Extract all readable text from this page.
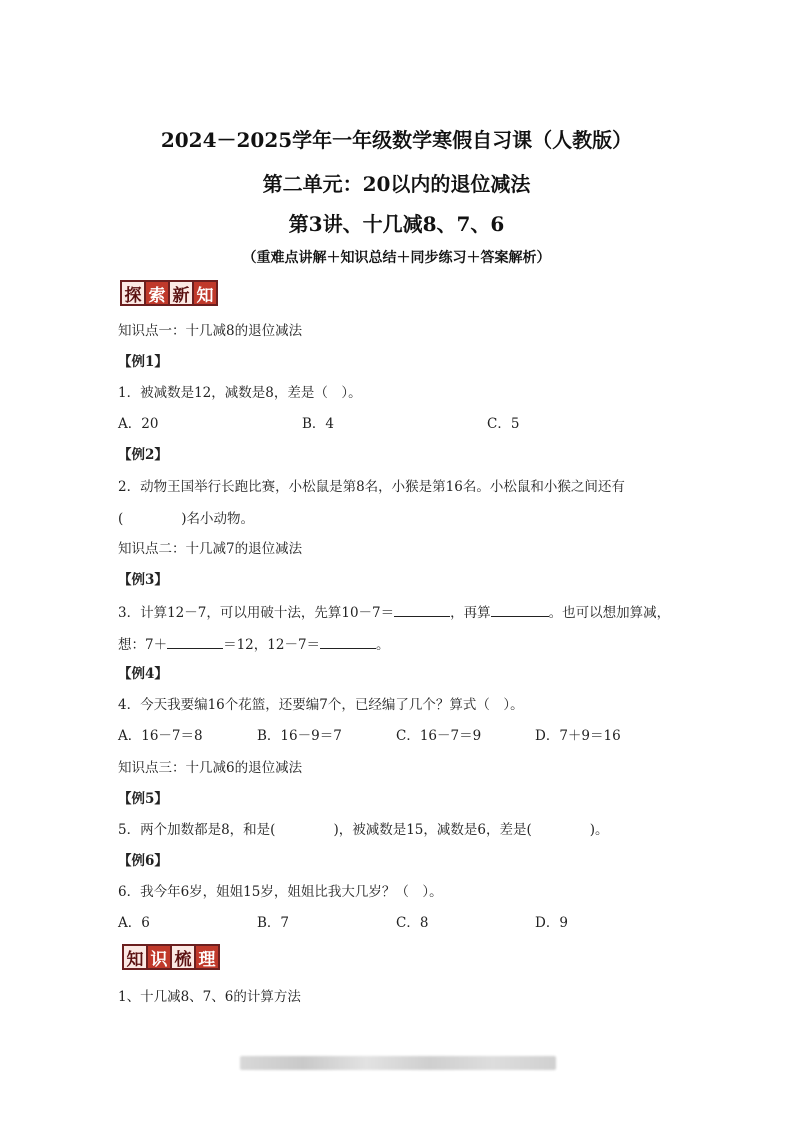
2024－2025学年一年级数学寒假自习课（人教版）
第二单元：20以内的退位减法
第3讲、十几减8、7、6
（重难点讲解＋知识总结＋同步练习＋答案解析）
探 索 新 知
知识点一：十几减8的退位减法
【例1】
1．被减数是12，减数是8，差是（　）。
A．20	B．4	C．5
【例2】
2．动物王国举行长跑比赛，小松鼠是第8名，小猴是第16名。小松鼠和小猴之间还有
(	)名小动物。
知识点二：十几减7的退位减法
【例3】
3．计算12－7，可以用破十法，先算10－7＝	，再算	。也可以想加算减，
想：7＋	＝12，12－7＝	。
【例4】
4．今天我要编16个花篮，还要编7个，已经编了几个？算式（　）。
A．16－7＝8	B．16－9＝7	C．16－7＝9	D．7＋9＝16
知识点三：十几减6的退位减法
【例5】
5．两个加数都是8，和是(	)，被减数是15，减数是6，差是(	)。
【例6】
6．我今年6岁，姐姐15岁，姐姐比我大几岁？（　）。
A．6	B．7	C．8	D．9
知 识 梳 理
1、十几减8、7、6的计算方法
